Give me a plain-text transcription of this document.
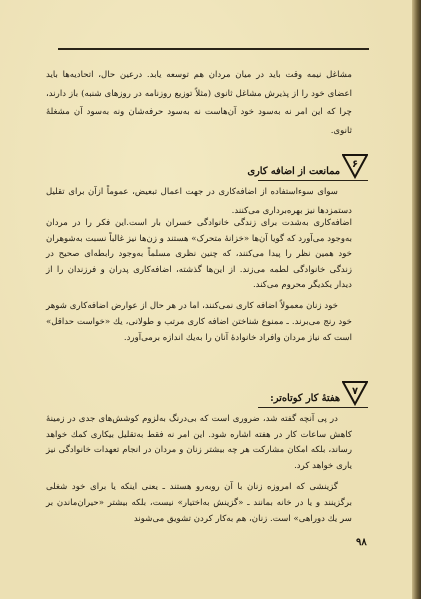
مشاغل نیمه وقت باید در میان مردان هم توسعه یابد. درعین حال، اتحادیه‌ها باید اعضای خود را از پذیرش مشاغل ثانوی (مثلاً توزیع روزنامه در روزهای شنبه) باز دارند، چرا که این امر نه به‌سود خود آن‌هاست نه به‌سود حرفه‌شان ونه به‌سود آن مشغلهٔ ثانوی.

۶

ممانعت از اضافه کاری

سوای سوءاستفاده از اضافه‌کاری در جهت اعمال تبعیض، عموماً ازآن برای تقلیل دستمزدها نیز بهره‌برداری می‌کنند.

اضافه‌کاری به‌شدت برای زندگی خانوادگی خسران بار است.این فکر را در مردان به‌وجود می‌آورد که گویا آن‌ها «خزانهٔ متحرک» هستند و زن‌ها نیز غالباً نسبت به‌شوهران خود همین نظر را پیدا می‌کنند، که چنین نظری مسلماً به‌وجود رابطه‌ای صحیح در زندگی خانوادگی لطمه می‌زند. از این‌ها گذشته، اضافه‌کاری پدران و فرزندان را از دیدار یکدیگر محروم می‌کند.

خود زنان معمولاً اضافه کاری نمی‌کنند، اما در هر حال از عوارض اضافه‌کاری شوهر خود رنج می‌برند. ـ ممنوع شناختن اضافه کاری مرتب و طولانی، یك «خواست حداقل» است که نیاز مردان وافراد خانوادهٔ آنان را به‌یك اندازه برمی‌آورد.

۷

هفتهٔ کار کوتاه‌تر:

در پی آنچه گفته شد، ضروری است که بی‌درنگ به‌لزوم کوشش‌های جدی در زمینهٔ کاهش ساعات کار در هفته اشاره شود. این امر نه فقط به‌تقلیل بیکاری کمك خواهد رساند، بلکه امکان مشارکت هر چه بیشتر زنان و مردان در انجام تعهدات خانوادگی نیز یاری خواهد کرد.

گزینشی که امروزه زنان با آن روبه‌رو هستند ـ یعنی اینکه یا برای خود شغلی برگزینند و یا در خانه بمانند ـ «گزینش به‌اختیار» نیست، بلکه بیشتر «حیران‌ماندن بر سر یك دوراهی» است. زنان، هم به‌کار کردن تشویق می‌شوند

۹۸
